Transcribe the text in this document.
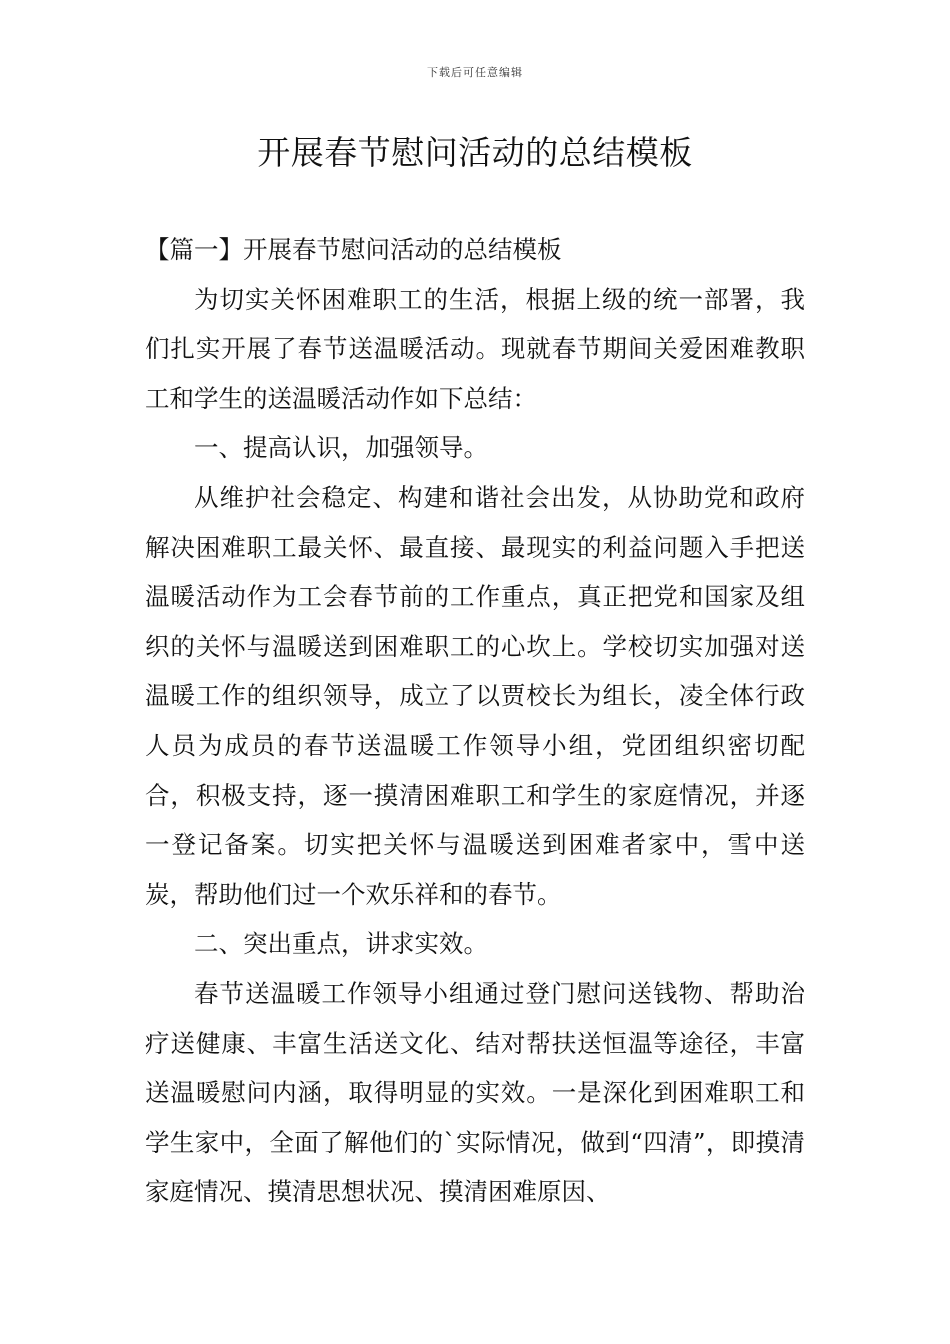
下载后可任意编辑
开展春节慰问活动的总结模板

【篇一】开展春节慰问活动的总结模板

为切实关怀困难职工的生活，根据上级的统一部署，我们扎实开展了春节送温暖活动。现就春节期间关爱困难教职工和学生的送温暖活动作如下总结：

一、提高认识，加强领导。

从维护社会稳定、构建和谐社会出发，从协助党和政府解决困难职工最关怀、最直接、最现实的利益问题入手把送温暖活动作为工会春节前的工作重点，真正把党和国家及组织的关怀与温暖送到困难职工的心坎上。学校切实加强对送温暖工作的组织领导，成立了以贾校长为组长，凌全体行政人员为成员的春节送温暖工作领导小组，党团组织密切配合，积极支持，逐一摸清困难职工和学生的家庭情况，并逐一登记备案。切实把关怀与温暖送到困难者家中，雪中送炭，帮助他们过一个欢乐祥和的春节。

二、突出重点，讲求实效。

春节送温暖工作领导小组通过登门慰问送钱物、帮助治疗送健康、丰富生活送文化、结对帮扶送恒温等途径，丰富送温暖慰问内涵，取得明显的实效。一是深化到困难职工和学生家中，全面了解他们的`实际情况，做到“四清”，即摸清家庭情况、摸清思想状况、摸清困难原因、
